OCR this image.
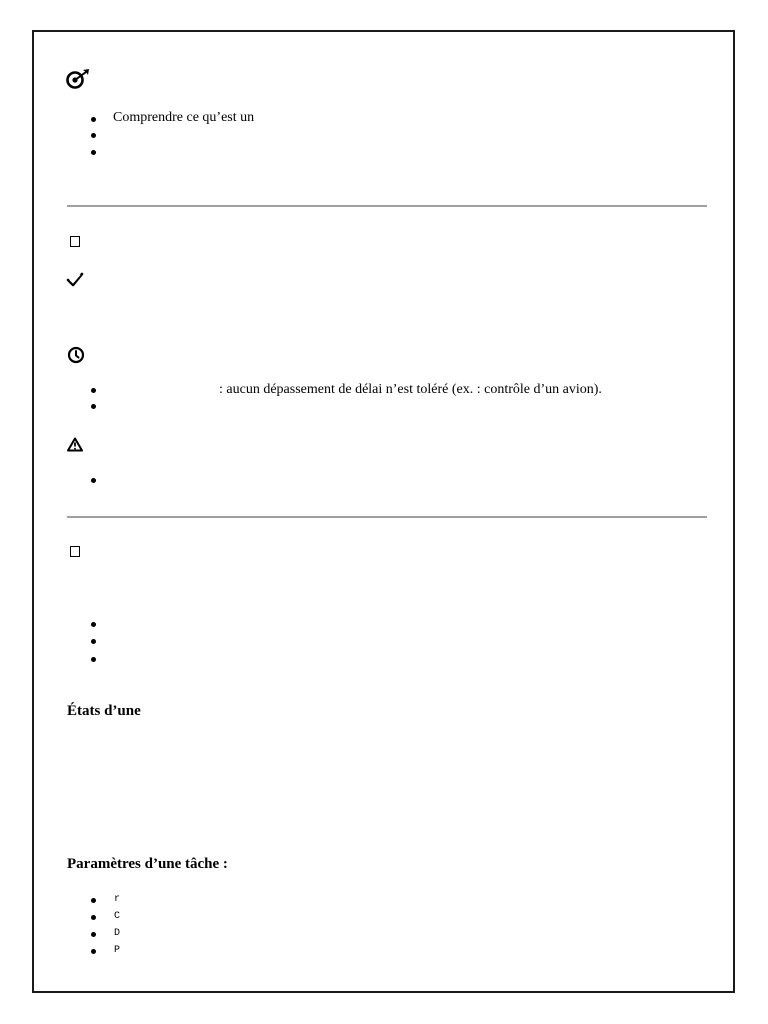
Comprendre ce qu’est un
: aucun dépassement de délai n’est toléré (ex. : contrôle d’un avion).
États d’une
Paramètres d’une tâche :
r
C
D
P
